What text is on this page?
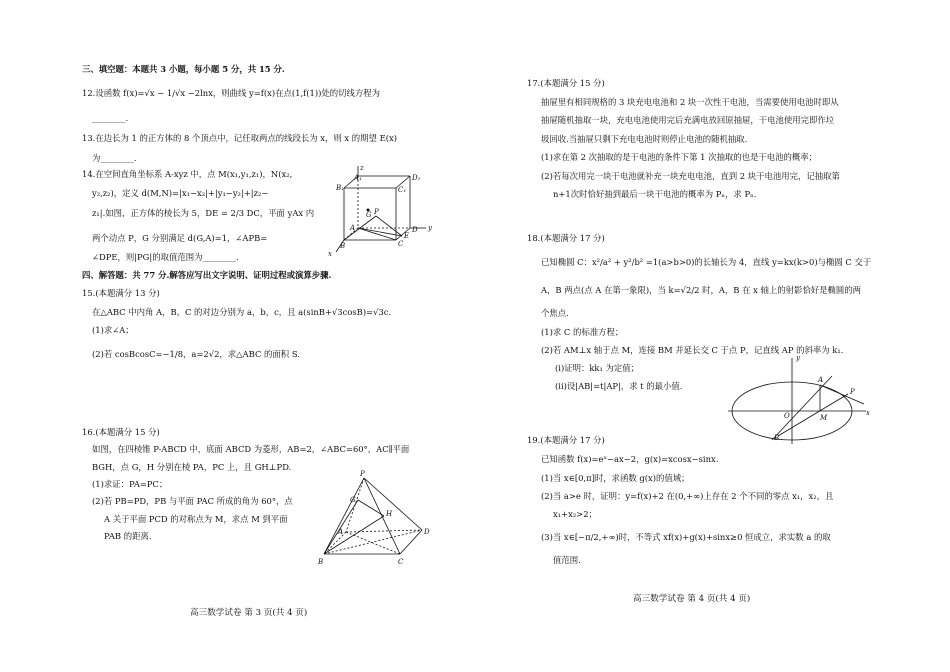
三、填空题：本题共 3 小题，每小题 5 分，共 15 分.
12.设函数 f(x)=√x − 1/√x −2lnx，则曲线 y=f(x)在点(1,f(1))处的切线方程为
________.
13.在边长为 1 的正方体的 8 个顶点中，记任取两点的线段长为 x，则 x 的期望 E(x)
为________.
14.在空间直角坐标系 A-xyz 中，点 M(x₁,y₁,z₁)，N(x₂,
y₂,z₂)，定义 d(M,N)=|x₁−x₂|+|y₁−y₂|+|z₂−
z₁|.如图，正方体的棱长为 5，DE = 2/3 DC，平面 yAx 内
两个动点 P，G 分别满足 d(G,A)=1，∠APB=
∠DPE，则|PG|的取值范围为________.
z
A₁	D₁
B₁	C₁
G
A	D
C
E
B
P
x
y
四、解答题：共 77 分.解答应写出文字说明、证明过程或演算步骤.
15.(本题满分 13 分)
在△ABC 中内角 A，B，C 的对边分别为 a，b，c，且 a(sinB+√3cosB)=√3c.
(1)求∠A；
(2)若 cosBcosC=−1/8，a=2√2，求△ABC 的面积 S.
16.(本题满分 15 分)
如图，在四棱锥 P-ABCD 中，底面 ABCD 为菱形，AB=2，∠ABC=60°，AC∥平面
BGH，点 G，H 分别在棱 PA，PC 上，且 GH⊥PD.
(1)求证：PA=PC；
(2)若 PB=PD，PB 与平面 PAC 所成的角为 60°，点
A 关于平面 PCD 的对称点为 M，求点 M 到平面
PAB 的距离.
P
G
H
A	D
B	C
高三数学试卷 第 3 页(共 4 页)
17.(本题满分 15 分)
抽屉里有相同规格的 3 块充电电池和 2 块一次性干电池，当需要使用电池时即从
抽屉随机抽取一块，充电电池使用完后充满电放回原抽屉，干电池使用完即作垃
圾回收.当抽屉只剩下充电电池时则停止电池的随机抽取.
(1)求在第 2 次抽取的是干电池的条件下第 1 次抽取的也是干电池的概率；
(2)若每次用完一块干电池就补充一块充电电池，直到 2 块干电池用完，记抽取第
n+1次时恰好抽到最后一块干电池的概率为 Pₙ，求 Pₙ.
18.(本题满分 17 分)
已知椭圆 C：x²/a² + y²/b² =1(a>b>0)的长轴长为 4，直线 y=kx(k>0)与椭圆 C 交于
A，B 两点(点 A 在第一象限)，当 k=√2/2 时，A，B 在 x 轴上的射影恰好是椭圆的两
个焦点.
(1)求 C 的标准方程；
(2)若 AM⊥x 轴于点 M，连接 BM 并延长交 C 于点 P，记直线 AP 的斜率为 k₁.
(i)证明：kk₁ 为定值；
(ii)设|AB|=t|AP|，求 t 的最小值.
y
A
P
O	M
x
B
19.(本题满分 17 分)
已知函数 f(x)=eˣ−ax−2，g(x)=xcosx−sinx.
(1)当 x∈[0,π]时，求函数 g(x)的值域；
(2)当 a>e 时，证明：y=f(x)+2 在(0,+∞)上存在 2 个不同的零点 x₁，x₂，且
x₁+x₂>2；
(3)当 x∈[−π/2,+∞)时，不等式 xf(x)+g(x)+sinx≥0 恒成立，求实数 a 的取
值范围.
高三数学试卷 第 4 页(共 4 页)
